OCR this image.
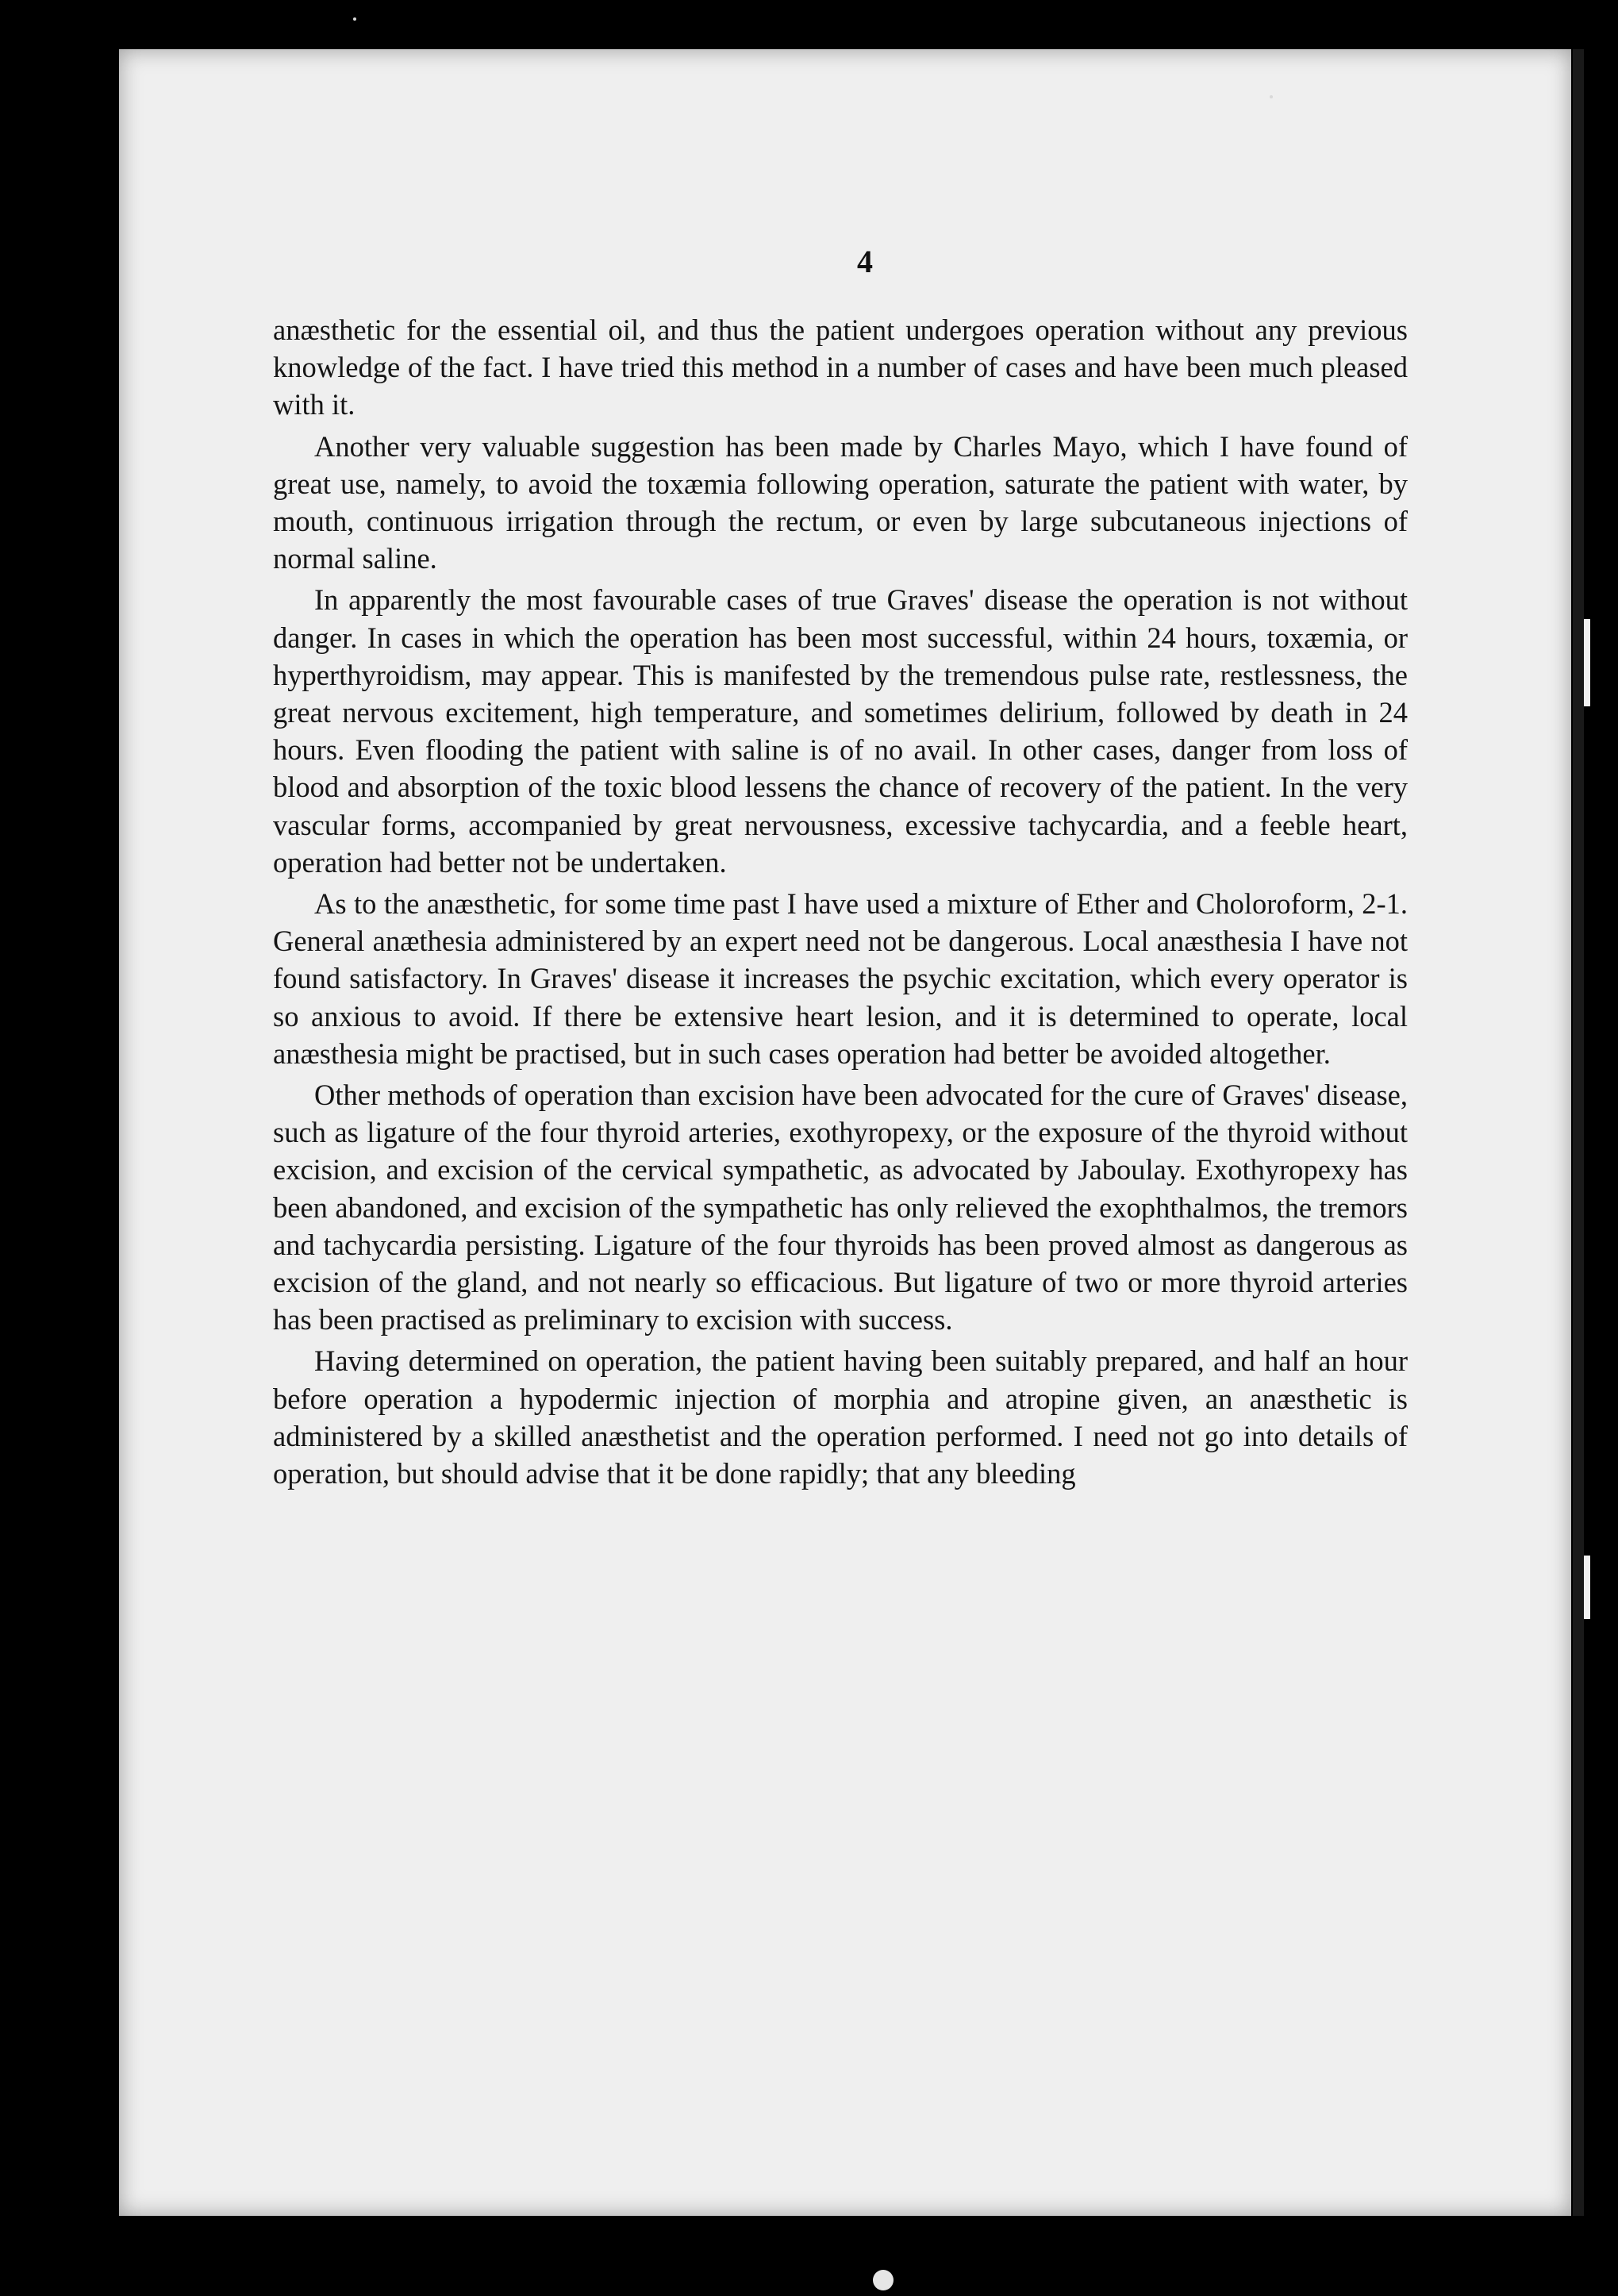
4

anæsthetic for the essential oil, and thus the patient undergoes operation without any previous knowledge of the fact. I have tried this method in a number of cases and have been much pleased with it.

Another very valuable suggestion has been made by Charles Mayo, which I have found of great use, namely, to avoid the toxæmia following operation, saturate the patient with water, by mouth, continuous irrigation through the rectum, or even by large subcutaneous injections of normal saline.

In apparently the most favourable cases of true Graves' disease the operation is not without danger. In cases in which the operation has been most successful, within 24 hours, toxæmia, or hyperthyroidism, may appear. This is manifested by the tremendous pulse rate, restlessness, the great nervous excitement, high temperature, and sometimes delirium, followed by death in 24 hours. Even flooding the patient with saline is of no avail. In other cases, danger from loss of blood and absorption of the toxic blood lessens the chance of recovery of the patient. In the very vascular forms, accompanied by great nervousness, excessive tachycardia, and a feeble heart, operation had better not be undertaken.

As to the anæsthetic, for some time past I have used a mixture of Ether and Choloroform, 2-1. General anæthesia administered by an expert need not be dangerous. Local anæsthesia I have not found satisfactory. In Graves' disease it increases the psychic excitation, which every operator is so anxious to avoid. If there be extensive heart lesion, and it is determined to operate, local anæsthesia might be practised, but in such cases operation had better be avoided altogether.

Other methods of operation than excision have been advocated for the cure of Graves' disease, such as ligature of the four thyroid arteries, exothyropexy, or the exposure of the thyroid without excision, and excision of the cervical sympathetic, as advocated by Jaboulay. Exothyropexy has been abandoned, and excision of the sympathetic has only relieved the exophthalmos, the tremors and tachycardia persisting. Ligature of the four thyroids has been proved almost as dangerous as excision of the gland, and not nearly so efficacious. But ligature of two or more thyroid arteries has been practised as preliminary to excision with success.

Having determined on operation, the patient having been suitably prepared, and half an hour before operation a hypodermic injection of morphia and atropine given, an anæsthetic is administered by a skilled anæsthetist and the operation performed. I need not go into details of operation, but should advise that it be done rapidly; that any bleeding
